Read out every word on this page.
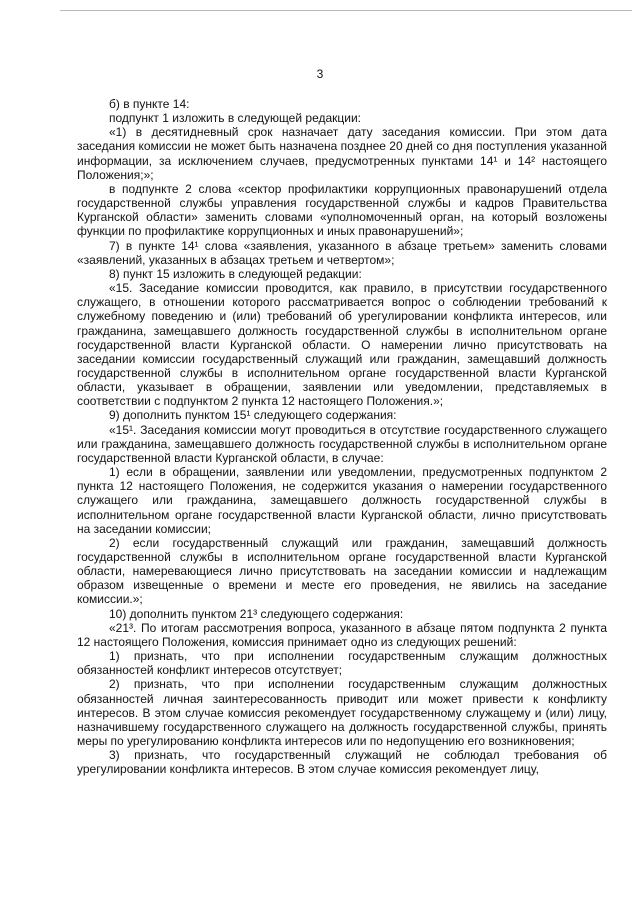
3

б) в пункте 14:

подпункт 1 изложить в следующей редакции:

«1) в десятидневный срок назначает дату заседания комиссии. При этом дата заседания комиссии не может быть назначена позднее 20 дней со дня поступления указанной информации, за исключением случаев, предусмотренных пунктами 14¹ и 14² настоящего Положения;»;

в подпункте 2 слова «сектор профилактики коррупционных правонарушений отдела государственной службы управления государственной службы и кадров Правительства Курганской области» заменить словами «уполномоченный орган, на который возложены функции по профилактике коррупционных и иных правонарушений»;

7) в пункте 14¹ слова «заявления, указанного в абзаце третьем» заменить словами «заявлений, указанных в абзацах третьем и четвертом»;

8) пункт 15 изложить в следующей редакции:

«15. Заседание комиссии проводится, как правило, в присутствии государственного служащего, в отношении которого рассматривается вопрос о соблюдении требований к служебному поведению и (или) требований об урегулировании конфликта интересов, или гражданина, замещавшего должность государственной службы в исполнительном органе государственной власти Курганской области. О намерении лично присутствовать на заседании комиссии государственный служащий или гражданин, замещавший должность государственной службы в исполнительном органе государственной власти Курганской области, указывает в обращении, заявлении или уведомлении, представляемых в соответствии с подпунктом 2 пункта 12 настоящего Положения.»;

9) дополнить пунктом 15¹ следующего содержания:

«15¹. Заседания комиссии могут проводиться в отсутствие государственного служащего или гражданина, замещавшего должность государственной службы в исполнительном органе государственной власти Курганской области, в случае:

1) если в обращении, заявлении или уведомлении, предусмотренных подпунктом 2 пункта 12 настоящего Положения, не содержится указания о намерении государственного служащего или гражданина, замещавшего должность государственной службы в исполнительном органе государственной власти Курганской области, лично присутствовать на заседании комиссии;

2) если государственный служащий или гражданин, замещавший должность государственной службы в исполнительном органе государственной власти Курганской области, намеревающиеся лично присутствовать на заседании комиссии и надлежащим образом извещенные о времени и месте его проведения, не явились на заседание комиссии.»;

10) дополнить пунктом 21³ следующего содержания:

«21³. По итогам рассмотрения вопроса, указанного в абзаце пятом подпункта 2 пункта 12 настоящего Положения, комиссия принимает одно из следующих решений:

1) признать, что при исполнении государственным служащим должностных обязанностей конфликт интересов отсутствует;

2) признать, что при исполнении государственным служащим должностных обязанностей личная заинтересованность приводит или может привести к конфликту интересов. В этом случае комиссия рекомендует государственному служащему и (или) лицу, назначившему государственного служащего на должность государственной службы, принять меры по урегулированию конфликта интересов или по недопущению его возникновения;

3) признать, что государственный служащий не соблюдал требования об урегулировании конфликта интересов. В этом случае комиссия рекомендует лицу,
